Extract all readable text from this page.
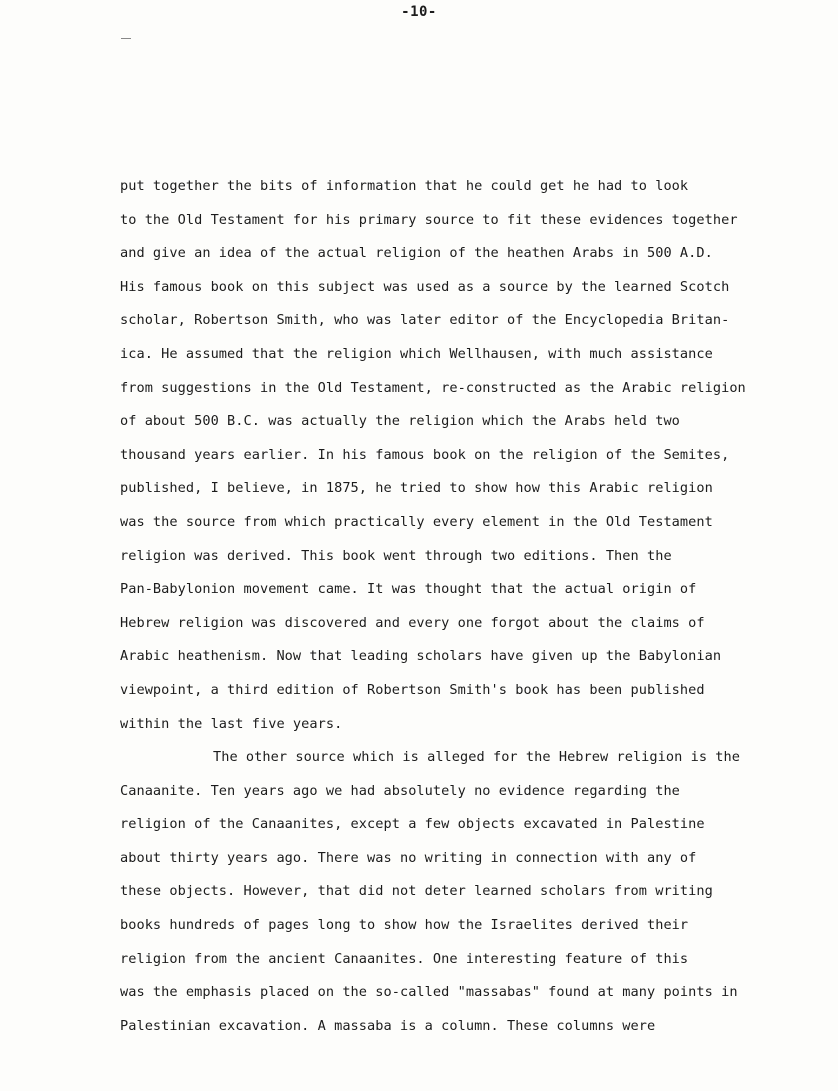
-10-
put together the bits of information that he could get he had to look
to the Old Testament for his primary source to fit these evidences together
and give an idea of the actual religion of the heathen Arabs in 500 A.D.
His famous book on this subject was used as a source by the learned Scotch
scholar, Robertson Smith, who was later editor of the Encyclopedia Britan-
ica. He assumed that the religion which Wellhausen, with much assistance
from suggestions in the Old Testament, re-constructed as the Arabic religion
of about 500 B.C. was actually the religion which the Arabs held two
thousand years earlier. In his famous book on the religion of the Semites,
published, I believe, in 1875, he tried to show how this Arabic religion
was the source from which practically every element in the Old Testament
religion was derived. This book went through two editions. Then the
Pan-Babylonion movement came. It was thought that the actual origin of
Hebrew religion was discovered and every one forgot about the claims of
Arabic heathenism. Now that leading scholars have given up the Babylonian
viewpoint, a third edition of Robertson Smith's book has been published
within the last five years.
The other source which is alleged for the Hebrew religion is the
Canaanite. Ten years ago we had absolutely no evidence regarding the
religion of the Canaanites, except a few objects excavated in Palestine
about thirty years ago. There was no writing in connection with any of
these objects. However, that did not deter learned scholars from writing
books hundreds of pages long to show how the Israelites derived their
religion from the ancient Canaanites. One interesting feature of this
was the emphasis placed on the so-called "massabas" found at many points in
Palestinian excavation. A massaba is a column. These columns were
